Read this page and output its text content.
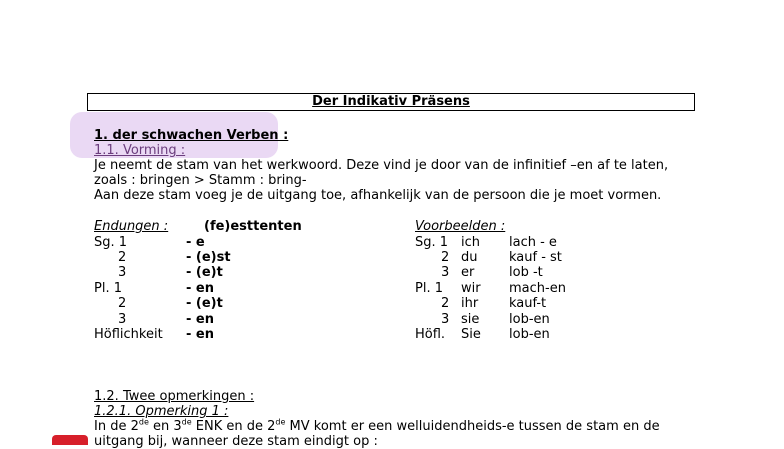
Der Indikativ Präsens
1. der schwachen Verben :
1.1. Vorming :
Je neemt de stam van het werkwoord. Deze vind je door van de infinitief –en af te laten,
zoals : bringen > Stamm : bring-
Aan deze stam voeg je de uitgang toe, afhankelijk van de persoon die je moet vormen.
Endungen :	(fe)esttenten
Sg. 1	- e
2	- (e)st
3	- (e)t
Pl. 1	- en
2	- (e)t
3	- en
Höflichkeit - en
Voorbeelden :
Sg. 1 ich lach - e
2 du kauf - st
3 er	lob -t
Pl. 1 wir mach-en
2 ihr kauf-t
3 sie lob-en
Höfl. Sie lob-en
1.2. Twee opmerkingen :
1.2.1. Opmerking 1 :
In de 2de en 3de ENK en de 2de MV komt er een welluidendheids-e tussen de stam en de
uitgang bij, wanneer deze stam eindigt op :
